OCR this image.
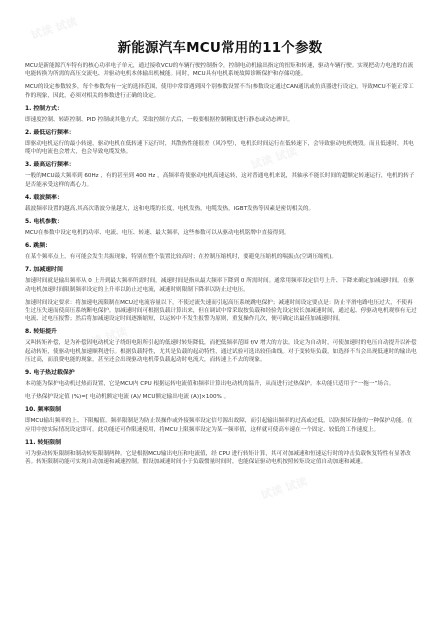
试读 试读
试读 试读
试读 试读
试读 试读
新能源汽车MCU常用的11个参数

MCU是新能源汽车特有的核心功率电子单元，通过接收VCU的车辆行驶控制指令，控制电动机输出指定的扭矩和转速，驱动车辆行驶。实现把动力电池的直流电能转换为所需的高压交流电、并驱动电机本体输出机械能。同时，MCU具有电机系统故障诊断保护和存储功能。

MCU的设定参数较多，每个参数均有一定的选择范围，使用中常常遇到因个别参数设置不当(参数设定通过CAN通讯或仿真器进行设定)，导致MCU不能正常工作的现象，因此，必须对相关的参数进行正确的设定。

1. 控制方式：

即速度控制、转距控制、PID 控制或其他方式。采取控制方式后，一般要根据控制精度进行静态或动态辨识。

2. 最低运行频率：

即驱动电机运行的最小转速，驱动电机在低转速下运行时，其散热性能很差（风冷型），电机长时间运行在低转速下，会导致驱动电机烧毁。而且低速时，其电缆中的电流也会增大，也会导致电缆发热。

3. 最高运行频率：

一般的MCU最大频率到 60Hz ，有的甚至到 400 Hz ，高频率将使驱动电机高速运转，这对普通电机来说，其轴承不能长时间的超额定转速运行，电机的转子是否能承受这样的离心力。

4. 载波频率：

载波频率设置的越高,其高次谐波分量越大，这和电缆的长度，电机发热，电缆发热，IGBT发热等因素是密切相关的。

5. 电机参数：

MCU在参数中设定电机的功率、电流、电压、转速、最大频率，这些参数可以从驱动电机铭牌中直接得到。

6. 跳频：

在某个频率点上，有可能会发生共振现象，特别在整个装置比较高时；在控制压缩机时，要避免压缩机的喘振点(空调压缩机)。

7. 加减速时间

加速时间就是输出频率从 0 上升到最大频率所需时间，减速时间是指从最大频率下降到 0 所需时间。通常用频率设定信号上升、下降来确定加减速时间。在驱动电机加速时间限制频率设定的上升率以防止过电流，减速时则限制下降率以防止过电压。

加速时间设定要求：将加速电流限制在MCU过电流容量以下，不使过流失速而引起高压系统跳电保护；减速时间设定要点是：防止平滑电路电压过大，不使再生过压失速而使高压系统断电保护。加减速时间可根据负载计算出来，但在调试中常采取按负载和经验先设定较长加减速时间，通过起、停驱动电机观察有无过电流、过电压报警；然后将加减速设定时间逐渐缩短，以运转中不发生报警为原则，重复操作几次，便可确定出最佳加减速时间。

8. 转矩提升

又叫转矩补偿，是为补偿因电动机定子绕组电阻所引起的低速时转矩降低，而把低频率范围 f/V 增大的方法。设定为自动时，可使加速时的电压自动提升以补偿起动转矩，使驱动电机加速顺利进行。根据负载特性，尤其是负载的起动特性，通过试验可选出较佳曲线。对于变转矩负载，如选择不当会出现低速时的输出电压过高，而浪费电能的现象，甚至还会出现驱动电机带负载起动时电流大，而转速上不去的现象。

9. 电子热过载保护

本功能为保护电动机过热而设置，它是MCU内 CPU 根据运转电流值和频率计算出电动机的温升，从而进行过热保护。本功能只适用于“一拖一”场合。

电子热保护设定值 (%)=[ 电动机额定电流 (A)/ MCU额定输出电流 (A)]×100% 。

10. 频率限制

即MCU输出频率的上、下限幅值。频率限制是为防止误操作或外接频率设定信号源出故障，而引起输出频率的过高或过低，以防损坏设备的一种保护功能。在应用中按实际情况设定即可。此功能还可作限速使用，将MCU上限频率设定为某一频率值，这样就可使高车速在一个固定、较低的工作速度上。

11. 转矩限制

可为驱动转矩限制和制动转矩限制两种。它是根据MCU输出电压和电流值，经 CPU 进行转矩计算，其可对加减速和恒速运行时的冲击负载恢复特性有显著改善。转矩限制功能可实现自动加速和减速控制。假设加减速时间小于负载惯量时间时，也能保证驱动电机按照转矩设定值自动加速和减速。
